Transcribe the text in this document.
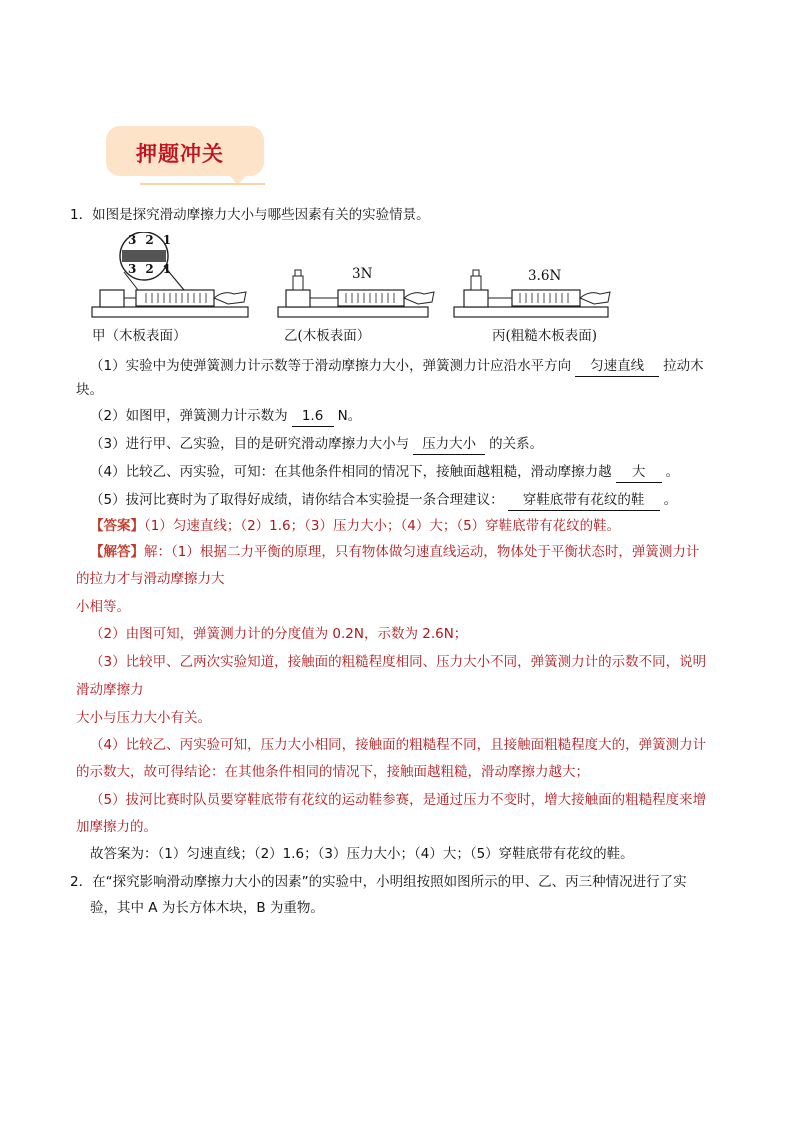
押题冲关
1．如图是探究滑动摩擦力大小与哪些因素有关的实验情景。
321
321	3N	3.6N
甲（木板表面）	乙(木板表面）	丙(粗糙木板表面)
（1）实验中为使弹簧测力计示数等于滑动摩擦力大小，弹簧测力计应沿水平方向 匀速直线 拉动木
块。
（2）如图甲，弹簧测力计示数为 1.6 N。
（3）进行甲、乙实验，目的是研究滑动摩擦力大小与 压力大小 的关系。
（4）比较乙、丙实验，可知：在其他条件相同的情况下，接触面越粗糙，滑动摩擦力越 大 。
（5）拔河比赛时为了取得好成绩，请你结合本实验提一条合理建议： 穿鞋底带有花纹的鞋 。
【答案】（1）匀速直线；（2）1.6；（3）压力大小；（4）大；（5）穿鞋底带有花纹的鞋。
【解答】解：（1）根据二力平衡的原理，只有物体做匀速直线运动，物体处于平衡状态时，弹簧测力计
的拉力才与滑动摩擦力大
小相等。
（2）由图可知，弹簧测力计的分度值为 0.2N，示数为 2.6N；
（3）比较甲、乙两次实验知道，接触面的粗糙程度相同、压力大小不同，弹簧测力计的示数不同，说明
滑动摩擦力
大小与压力大小有关。
（4）比较乙、丙实验可知，压力大小相同，接触面的粗糙程不同，且接触面粗糙程度大的，弹簧测力计
的示数大，故可得结论：在其他条件相同的情况下，接触面越粗糙，滑动摩擦力越大；
（5）拔河比赛时队员要穿鞋底带有花纹的运动鞋参赛，是通过压力不变时，增大接触面的粗糙程度来增
加摩擦力的。
故答案为：（1）匀速直线；（2）1.6；（3）压力大小；（4）大；（5）穿鞋底带有花纹的鞋。
2．在“探究影响滑动摩擦力大小的因素”的实验中，小明组按照如图所示的甲、乙、丙三种情况进行了实
验，其中 A 为长方体木块，B 为重物。
